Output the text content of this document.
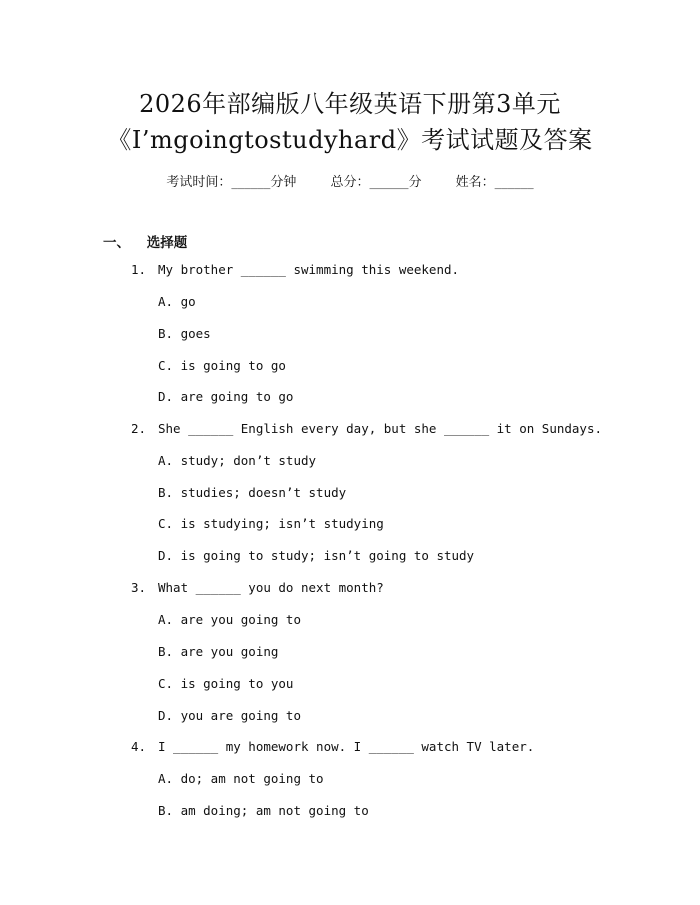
2026年部编版八年级英语下册第3单元
《I’mgoingtostudyhard》考试试题及答案
考试时间：______分钟	总分：______分	姓名：______
一、 选择题
1. My brother ______ swimming this weekend.
A. go
B. goes
C. is going to go
D. are going to go
2. She ______ English every day, but she ______ it on Sundays.
A. study; don’t study
B. studies; doesn’t study
C. is studying; isn’t studying
D. is going to study; isn’t going to study
3. What ______ you do next month?
A. are you going to
B. are you going
C. is going to you
D. you are going to
4. I ______ my homework now. I ______ watch TV later.
A. do; am not going to
B. am doing; am not going to
